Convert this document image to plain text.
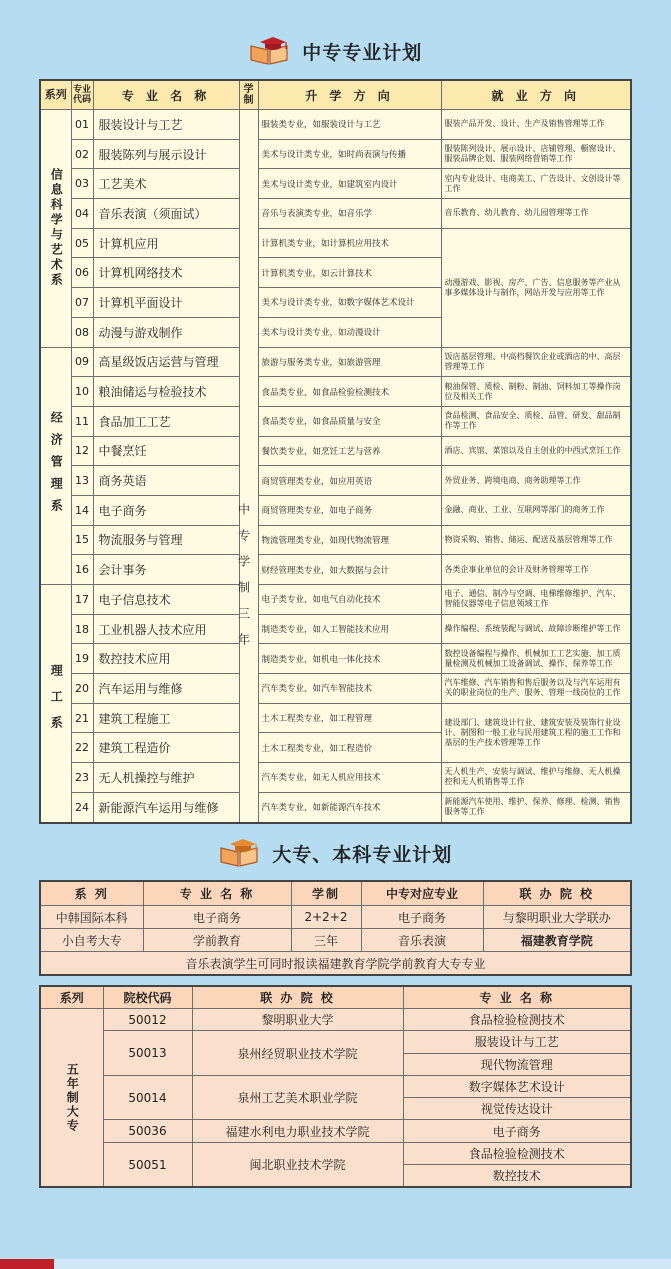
中专专业计划
系列	专业代码	专 业 名 称	学制	升 学 方 向	就 业 方 向
信息科学与艺术系	01	服装设计与工艺	中专学制三年	服装类专业，如服装设计与工艺	服装产品开发、设计、生产及销售管理等工作
	02	服装陈列与展示设计		美术与设计类专业，如时尚表演与传播	服装陈列设计、展示设计、店铺管理、橱窗设计、服装品牌企划、服装网络营销等工作
	03	工艺美术		美术与设计类专业，如建筑室内设计	室内专业设计、电商美工、广告设计、文创设计等工作
	04	音乐表演（须面试）		音乐与表演类专业，如音乐学	音乐教育、幼儿教育、幼儿园管理等工作
	05	计算机应用		计算机类专业，如计算机应用技术	动漫游戏、影视、房产、广告、信息服务等产业从事多媒体设计与制作，网站开发与应用等工作
	06	计算机网络技术		计算机类专业，如云计算技术	
	07	计算机平面设计		美术与设计类专业，如数字媒体艺术设计	
	08	动漫与游戏制作		美术与设计类专业，如动漫设计	
经济管理系	09	高星级饭店运营与管理		旅游与服务类专业，如旅游管理	饭店基层管理、中高档餐饮企业或酒店的中、高层管理等工作
	10	粮油储运与检验技术		食品类专业，如食品检验检测技术	粮油保管、质检、制粉、制油、饲料加工等操作岗位及相关工作
	11	食品加工工艺		食品类专业，如食品质量与安全	食品检测、食品安全、质检、品管、研发、甜品制作等工作
	12	中餐烹饪		餐饮类专业，如烹饪工艺与营养	酒店、宾馆、菜馆以及自主创业的中西式烹饪工作
	13	商务英语		商贸管理类专业，如应用英语	外贸业务、跨境电商、商务助理等工作
	14	电子商务		商贸管理类专业，如电子商务	金融、商业、工业、互联网等部门的商务工作
	15	物流服务与管理		物流管理类专业，如现代物流管理	物资采购、销售、储运、配送及基层管理等工作
	16	会计事务		财经管理类专业，如大数据与会计	各类企事业单位的会计及财务管理等工作
理工系	17	电子信息技术		电子类专业，如电气自动化技术	电子、通信、制冷与空调、电梯维修维护、汽车、智能仪器等电子信息领域工作
	18	工业机器人技术应用		制造类专业，如人工智能技术应用	操作编程、系统装配与调试、故障诊断维护等工作
	19	数控技术应用		制造类专业，如机电一体化技术	数控设备编程与操作、机械加工工艺实施、加工质量检测及机械加工设备调试、操作、保养等工作
	20	汽车运用与维修		汽车类专业，如汽车智能技术	汽车维修、汽车销售和售后服务以及与汽车运用有关的职业岗位的生产、服务、管理一线岗位的工作
	21	建筑工程施工		土木工程类专业，如工程管理	建设部门、建筑设计行业、建筑安装及装饰行业设计、制图和一般工业与民用建筑工程的施工工作和基层的生产技术管理等工作
	22	建筑工程造价		土木工程类专业，如工程造价	
	23	无人机操控与维护		汽车类专业，如无人机应用技术	无人机生产、安装与调试、维护与维修、无人机操控和无人机销售等工作
	24	新能源汽车运用与维修		汽车类专业，如新能源汽车技术	新能源汽车使用、维护、保养、修理、检测、销售服务等工作
大专、本科专业计划
系 列	专 业 名 称	学制	中专对应专业	联 办 院 校
中韩国际本科	电子商务	2+2+2	电子商务	与黎明职业大学联办
小自考大专	学前教育	三年	音乐表演	福建教育学院
音乐表演学生可同时报读福建教育学院学前教育大专专业				
系列	院校代码	联 办 院 校	专 业 名 称
五年制大专	50012	黎明职业大学	食品检验检测技术
	50013	泉州经贸职业技术学院	服装设计与工艺
			现代物流管理
	50014	泉州工艺美术职业学院	数字媒体艺术设计
			视觉传达设计
	50036	福建水利电力职业技术学院	电子商务
	50051	闽北职业技术学院	食品检验检测技术
			数控技术
